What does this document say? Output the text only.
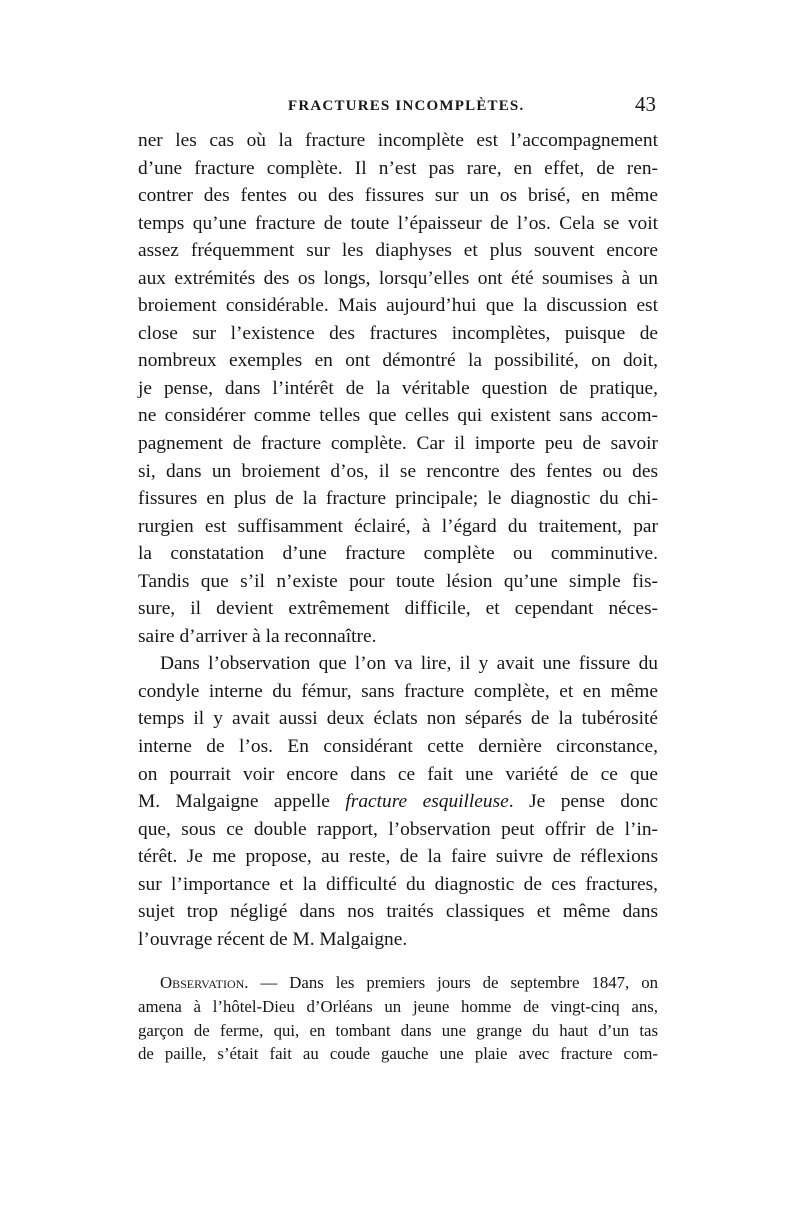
FRACTURES INCOMPLÈTES.	43
ner les cas où la fracture incomplète est l’accompagnement
d’une fracture complète. Il n’est pas rare, en effet, de ren-
contrer des fentes ou des fissures sur un os brisé, en même
temps qu’une fracture de toute l’épaisseur de l’os. Cela se voit
assez fréquemment sur les diaphyses et plus souvent encore
aux extrémités des os longs, lorsqu’elles ont été soumises à un
broiement considérable. Mais aujourd’hui que la discussion est
close sur l’existence des fractures incomplètes, puisque de
nombreux exemples en ont démontré la possibilité, on doit,
je pense, dans l’intérêt de la véritable question de pratique,
ne considérer comme telles que celles qui existent sans accom-
pagnement de fracture complète. Car il importe peu de savoir
si, dans un broiement d’os, il se rencontre des fentes ou des
fissures en plus de la fracture principale; le diagnostic du chi-
rurgien est suffisamment éclairé, à l’égard du traitement, par
la constatation d’une fracture complète ou comminutive.
Tandis que s’il n’existe pour toute lésion qu’une simple fis-
sure, il devient extrêmement difficile, et cependant néces-
saire d’arriver à la reconnaître.
Dans l’observation que l’on va lire, il y avait une fissure du
condyle interne du fémur, sans fracture complète, et en même
temps il y avait aussi deux éclats non séparés de la tubérosité
interne de l’os. En considérant cette dernière circonstance,
on pourrait voir encore dans ce fait une variété de ce que
M. Malgaigne appelle fracture esquilleuse. Je pense donc
que, sous ce double rapport, l’observation peut offrir de l’in-
térêt. Je me propose, au reste, de la faire suivre de réflexions
sur l’importance et la difficulté du diagnostic de ces fractures,
sujet trop négligé dans nos traités classiques et même dans
l’ouvrage récent de M. Malgaigne.
Observation. — Dans les premiers jours de septembre 1847, on
amena à l’hôtel-Dieu d’Orléans un jeune homme de vingt-cinq ans,
garçon de ferme, qui, en tombant dans une grange du haut d’un tas
de paille, s’était fait au coude gauche une plaie avec fracture com-
